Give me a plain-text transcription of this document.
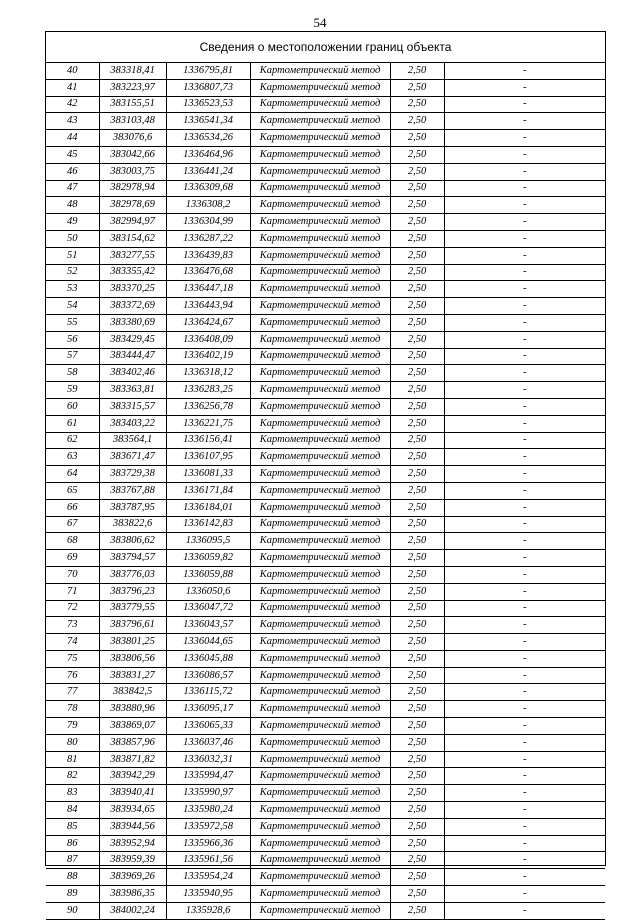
54
Сведения о местоположении границ объекта
40	383318,41	1336795,81	Картометрический метод	2,50	-
41	383223,97	1336807,73	Картометрический метод	2,50	-
42	383155,51	1336523,53	Картометрический метод	2,50	-
43	383103,48	1336541,34	Картометрический метод	2,50	-
44	383076,6	1336534,26	Картометрический метод	2,50	-
45	383042,66	1336464,96	Картометрический метод	2,50	-
46	383003,75	1336441,24	Картометрический метод	2,50	-
47	382978,94	1336309,68	Картометрический метод	2,50	-
48	382978,69	1336308,2	Картометрический метод	2,50	-
49	382994,97	1336304,99	Картометрический метод	2,50	-
50	383154,62	1336287,22	Картометрический метод	2,50	-
51	383277,55	1336439,83	Картометрический метод	2,50	-
52	383355,42	1336476,68	Картометрический метод	2,50	-
53	383370,25	1336447,18	Картометрический метод	2,50	-
54	383372,69	1336443,94	Картометрический метод	2,50	-
55	383380,69	1336424,67	Картометрический метод	2,50	-
56	383429,45	1336408,09	Картометрический метод	2,50	-
57	383444,47	1336402,19	Картометрический метод	2,50	-
58	383402,46	1336318,12	Картометрический метод	2,50	-
59	383363,81	1336283,25	Картометрический метод	2,50	-
60	383315,57	1336256,78	Картометрический метод	2,50	-
61	383403,22	1336221,75	Картометрический метод	2,50	-
62	383564,1	1336156,41	Картометрический метод	2,50	-
63	383671,47	1336107,95	Картометрический метод	2,50	-
64	383729,38	1336081,33	Картометрический метод	2,50	-
65	383767,88	1336171,84	Картометрический метод	2,50	-
66	383787,95	1336184,01	Картометрический метод	2,50	-
67	383822,6	1336142,83	Картометрический метод	2,50	-
68	383806,62	1336095,5	Картометрический метод	2,50	-
69	383794,57	1336059,82	Картометрический метод	2,50	-
70	383776,03	1336059,88	Картометрический метод	2,50	-
71	383796,23	1336050,6	Картометрический метод	2,50	-
72	383779,55	1336047,72	Картометрический метод	2,50	-
73	383796,61	1336043,57	Картометрический метод	2,50	-
74	383801,25	1336044,65	Картометрический метод	2,50	-
75	383806,56	1336045,88	Картометрический метод	2,50	-
76	383831,27	1336086,57	Картометрический метод	2,50	-
77	383842,5	1336115,72	Картометрический метод	2,50	-
78	383880,96	1336095,17	Картометрический метод	2,50	-
79	383869,07	1336065,33	Картометрический метод	2,50	-
80	383857,96	1336037,46	Картометрический метод	2,50	-
81	383871,82	1336032,31	Картометрический метод	2,50	-
82	383942,29	1335994,47	Картометрический метод	2,50	-
83	383940,41	1335990,97	Картометрический метод	2,50	-
84	383934,65	1335980,24	Картометрический метод	2,50	-
85	383944,56	1335972,58	Картометрический метод	2,50	-
86	383952,94	1335966,36	Картометрический метод	2,50	-
87	383959,39	1335961,56	Картометрический метод	2,50	-
88	383969,26	1335954,24	Картометрический метод	2,50	-
89	383986,35	1335940,95	Картометрический метод	2,50	-
90	384002,24	1335928,6	Картометрический метод	2,50	-
